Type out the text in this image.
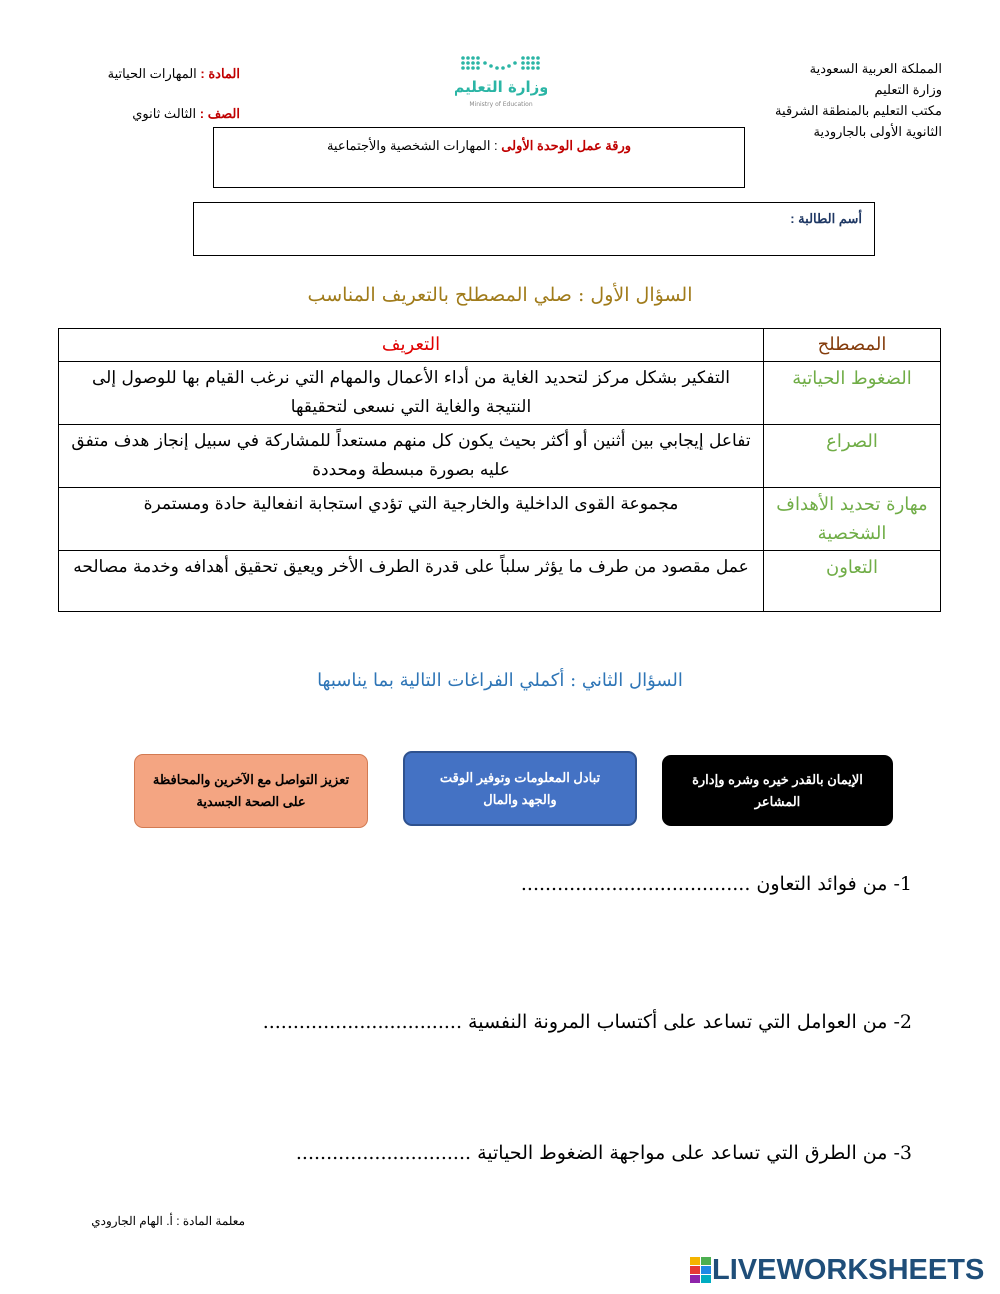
المملكة العربية السعودية
وزارة التعليم
مكتب التعليم بالمنطقة الشرقية
الثانوية الأولى بالجارودية
وزارة التعليم
Ministry of Education
المادة : المهارات الحياتية
الصف : الثالث ثانوي
ورقة عمل الوحدة الأولى : المهارات الشخصية والأجتماعية
أسم الطالبة :
السؤال الأول : صلي المصطلح بالتعريف المناسب
المصطلح	التعريف
الضغوط الحياتية	التفكير بشكل مركز لتحديد الغاية من أداء الأعمال والمهام التي نرغب القيام بها للوصول إلى النتيجة والغاية التي نسعى لتحقيقها
الصراع	تفاعل إيجابي بين أثنين أو أكثر بحيث يكون كل منهم مستعداً للمشاركة في سبيل إنجاز هدف متفق عليه بصورة مبسطة ومحددة
مهارة تحديد الأهداف الشخصية	مجموعة القوى الداخلية والخارجية التي تؤدي استجابة انفعالية حادة ومستمرة
التعاون	عمل مقصود من طرف ما يؤثر سلباً على قدرة الطرف الأخر ويعيق تحقيق أهدافه وخدمة مصالحه
السؤال الثاني : أكملي الفراغات التالية بما يناسبها
الإيمان بالقدر خيره وشره وإدارة المشاعر
تبادل المعلومات وتوفير الوقت والجهد والمال
تعزيز التواصل مع الآخرين والمحافظة على الصحة الجسدية
1- من فوائد التعاون ......................................
2- من العوامل التي تساعد على أكتساب المرونة النفسية .................................
3- من الطرق التي تساعد على مواجهة الضغوط الحياتية .............................
معلمة المادة : أ. الهام الجارودي
LIVEWORKSHEETS
